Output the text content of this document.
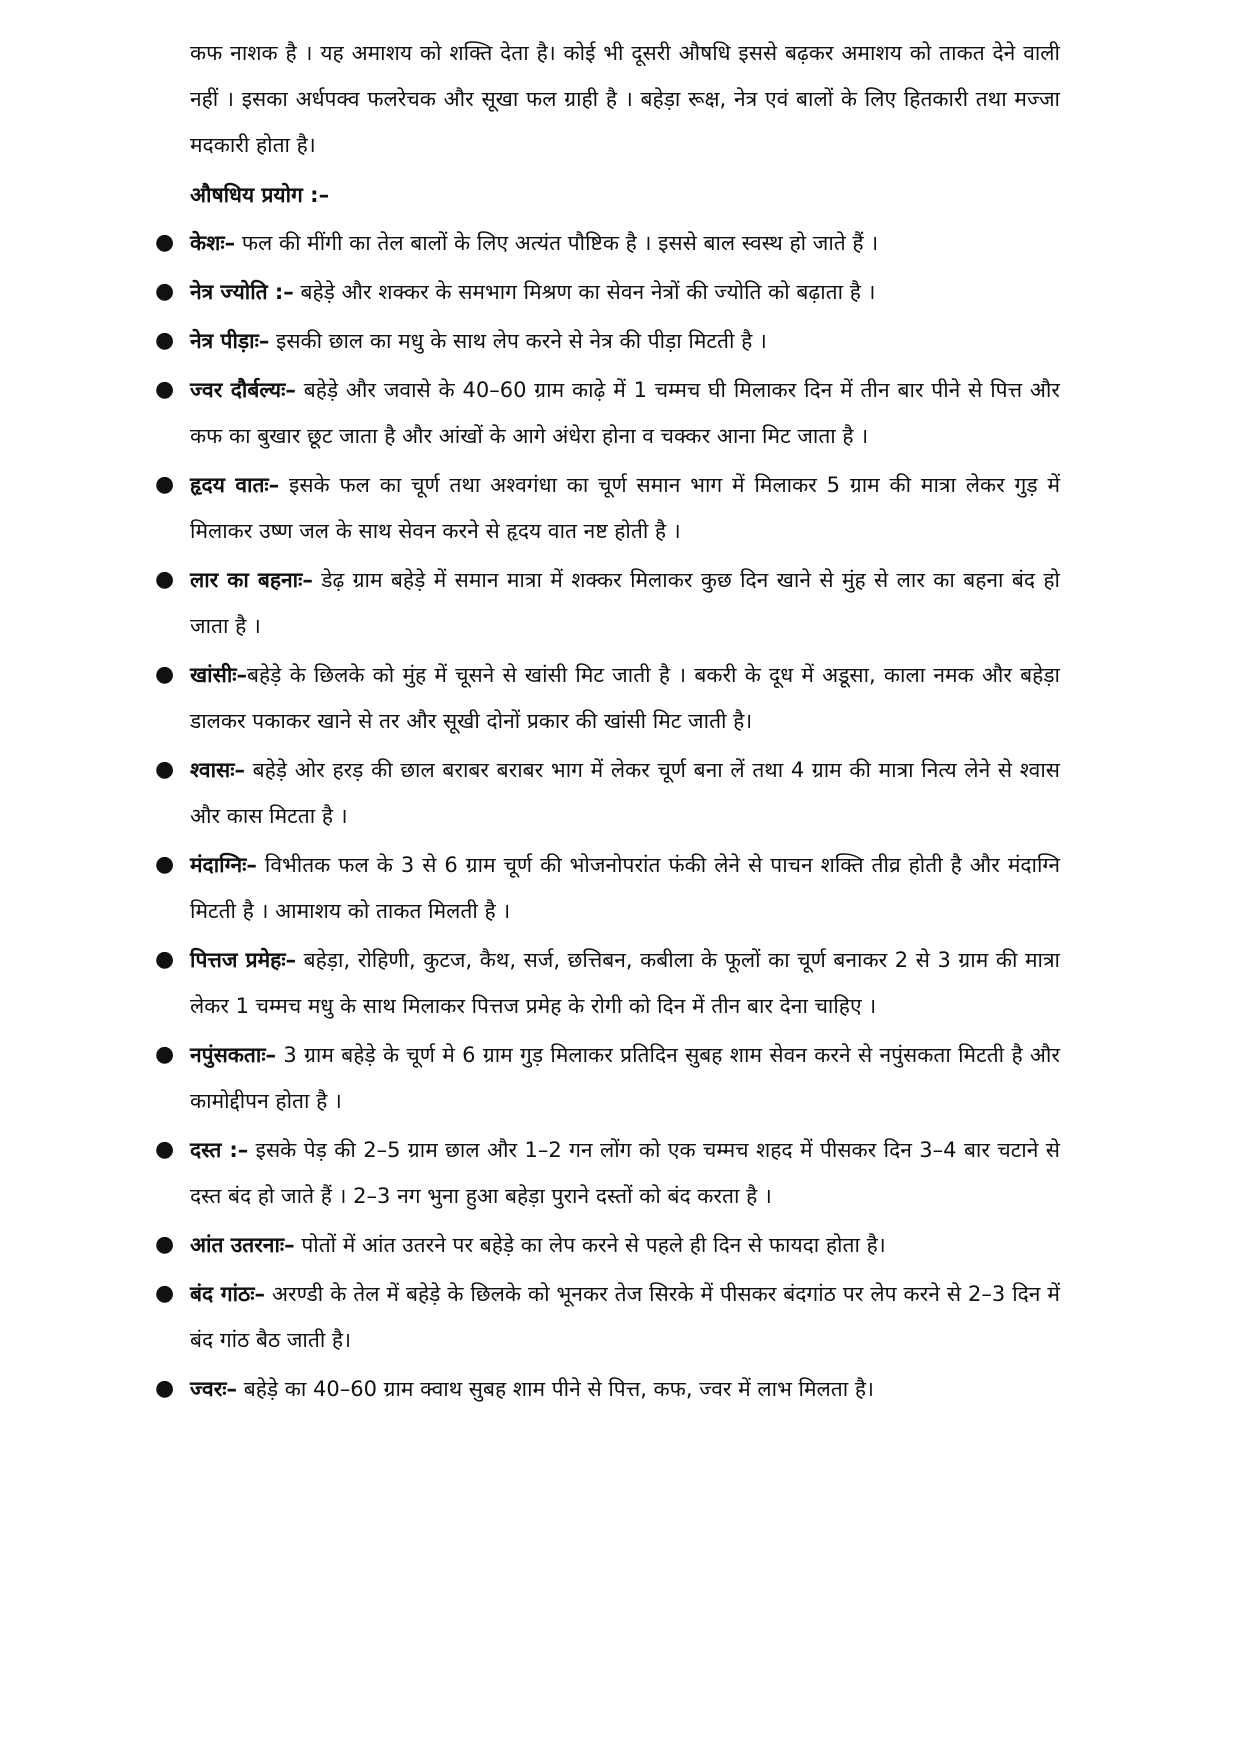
कफ नाशक है । यह अमाशय को शक्ति देता है। कोई भी दूसरी औषधि इससे बढ़कर अमाशय को ताकत देने वाली नहीं । इसका अर्धपक्व फलरेचक और सूखा फल ग्राही है । बहेड़ा रूक्ष, नेत्र एवं बालों के लिए हितकारी तथा मज्जा मदकारी होता है।

औषधिय प्रयोग :–
● केशः– फल की मींगी का तेल बालों के लिए अत्यंत पौष्टिक है । इससे बाल स्वस्थ हो जाते हैं ।
● नेत्र ज्योति :– बहेड़े और शक्कर के समभाग मिश्रण का सेवन नेत्रों की ज्योति को बढ़ाता है ।
● नेत्र पीड़ाः– इसकी छाल का मधु के साथ लेप करने से नेत्र की पीड़ा मिटती है ।
● ज्वर दौर्बल्यः– बहेड़े और जवासे के 40–60 ग्राम काढ़े में 1 चम्मच घी मिलाकर दिन में तीन बार पीने से पित्त और कफ का बुखार छूट जाता है और आंखों के आगे अंधेरा होना व चक्कर आना मिट जाता है ।
● हृदय वातः– इसके फल का चूर्ण तथा अश्वगंधा का चूर्ण समान भाग में मिलाकर 5 ग्राम की मात्रा लेकर गुड़ में मिलाकर उष्ण जल के साथ सेवन करने से हृदय वात नष्ट होती है ।
● लार का बहनाः– डेढ़ ग्राम बहेड़े में समान मात्रा में शक्कर मिलाकर कुछ दिन खाने से मुंह से लार का बहना बंद हो जाता है ।
● खांसीः–बहेड़े के छिलके को मुंह में चूसने से खांसी मिट जाती है । बकरी के दूध में अडूसा, काला नमक और बहेड़ा डालकर पकाकर खाने से तर और सूखी दोनों प्रकार की खांसी मिट जाती है।
● श्वासः– बहेड़े ओर हरड़ की छाल बराबर बराबर भाग में लेकर चूर्ण बना लें तथा 4 ग्राम की मात्रा नित्य लेने से श्वास और कास मिटता है ।
● मंदाग्निः– विभीतक फल के 3 से 6 ग्राम चूर्ण की भोजनोपरांत फंकी लेने से पाचन शक्ति तीव्र होती है और मंदाग्नि मिटती है । आमाशय को ताकत मिलती है ।
● पित्तज प्रमेहः– बहेड़ा, रोहिणी, कुटज, कैथ, सर्ज, छत्तिबन, कबीला के फूलों का चूर्ण बनाकर 2 से 3 ग्राम की मात्रा लेकर 1 चम्मच मधु के साथ मिलाकर पित्तज प्रमेह के रोगी को दिन में तीन बार देना चाहिए ।
● नपुंसकताः– 3 ग्राम बहेड़े के चूर्ण मे 6 ग्राम गुड़ मिलाकर प्रतिदिन सुबह शाम सेवन करने से नपुंसकता मिटती है और कामोद्दीपन होता है ।
● दस्त :– इसके पेड़ की 2–5 ग्राम छाल और 1–2 गन लोंग को एक चम्मच शहद में पीसकर दिन 3–4 बार चटाने से दस्त बंद हो जाते हैं । 2–3 नग भुना हुआ बहेड़ा पुराने दस्तों को बंद करता है ।
● आंत उतरनाः– पोतों में आंत उतरने पर बहेड़े का लेप करने से पहले ही दिन से फायदा होता है।
● बंद गांठः– अरण्डी के तेल में बहेड़े के छिलके को भूनकर तेज सिरके में पीसकर बंदगांठ पर लेप करने से 2–3 दिन में बंद गांठ बैठ जाती है।
● ज्वरः– बहेड़े का 40–60 ग्राम क्वाथ सुबह शाम पीने से पित्त, कफ, ज्वर में लाभ मिलता है।
